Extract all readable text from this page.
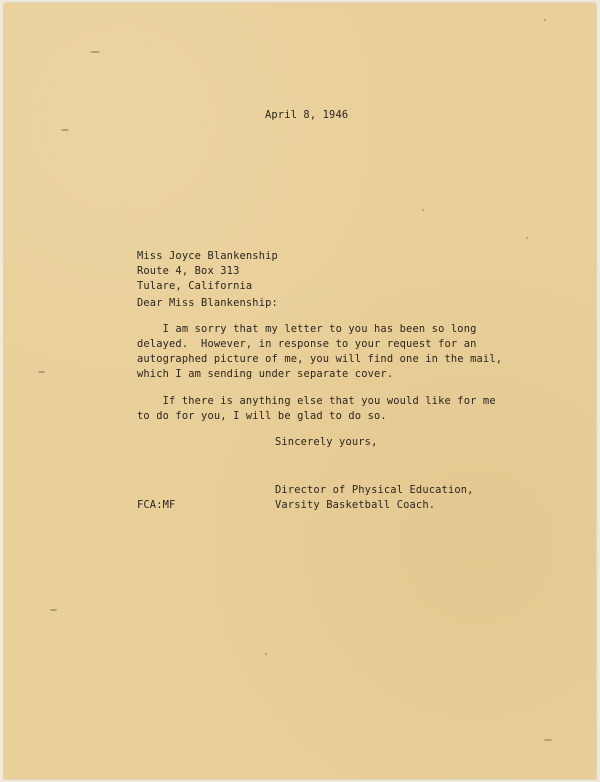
April 8, 1946
Miss Joyce Blankenship
Route 4, Box 313
Tulare, California
Dear Miss Blankenship:
I am sorry that my letter to you has been so long
delayed.  However, in response to your request for an
autographed picture of me, you will find one in the mail,
which I am sending under separate cover.
If there is anything else that you would like for me
to do for you, I will be glad to do so.
Sincerely yours,
Director of Physical Education,
Varsity Basketball Coach.
FCA:MF
